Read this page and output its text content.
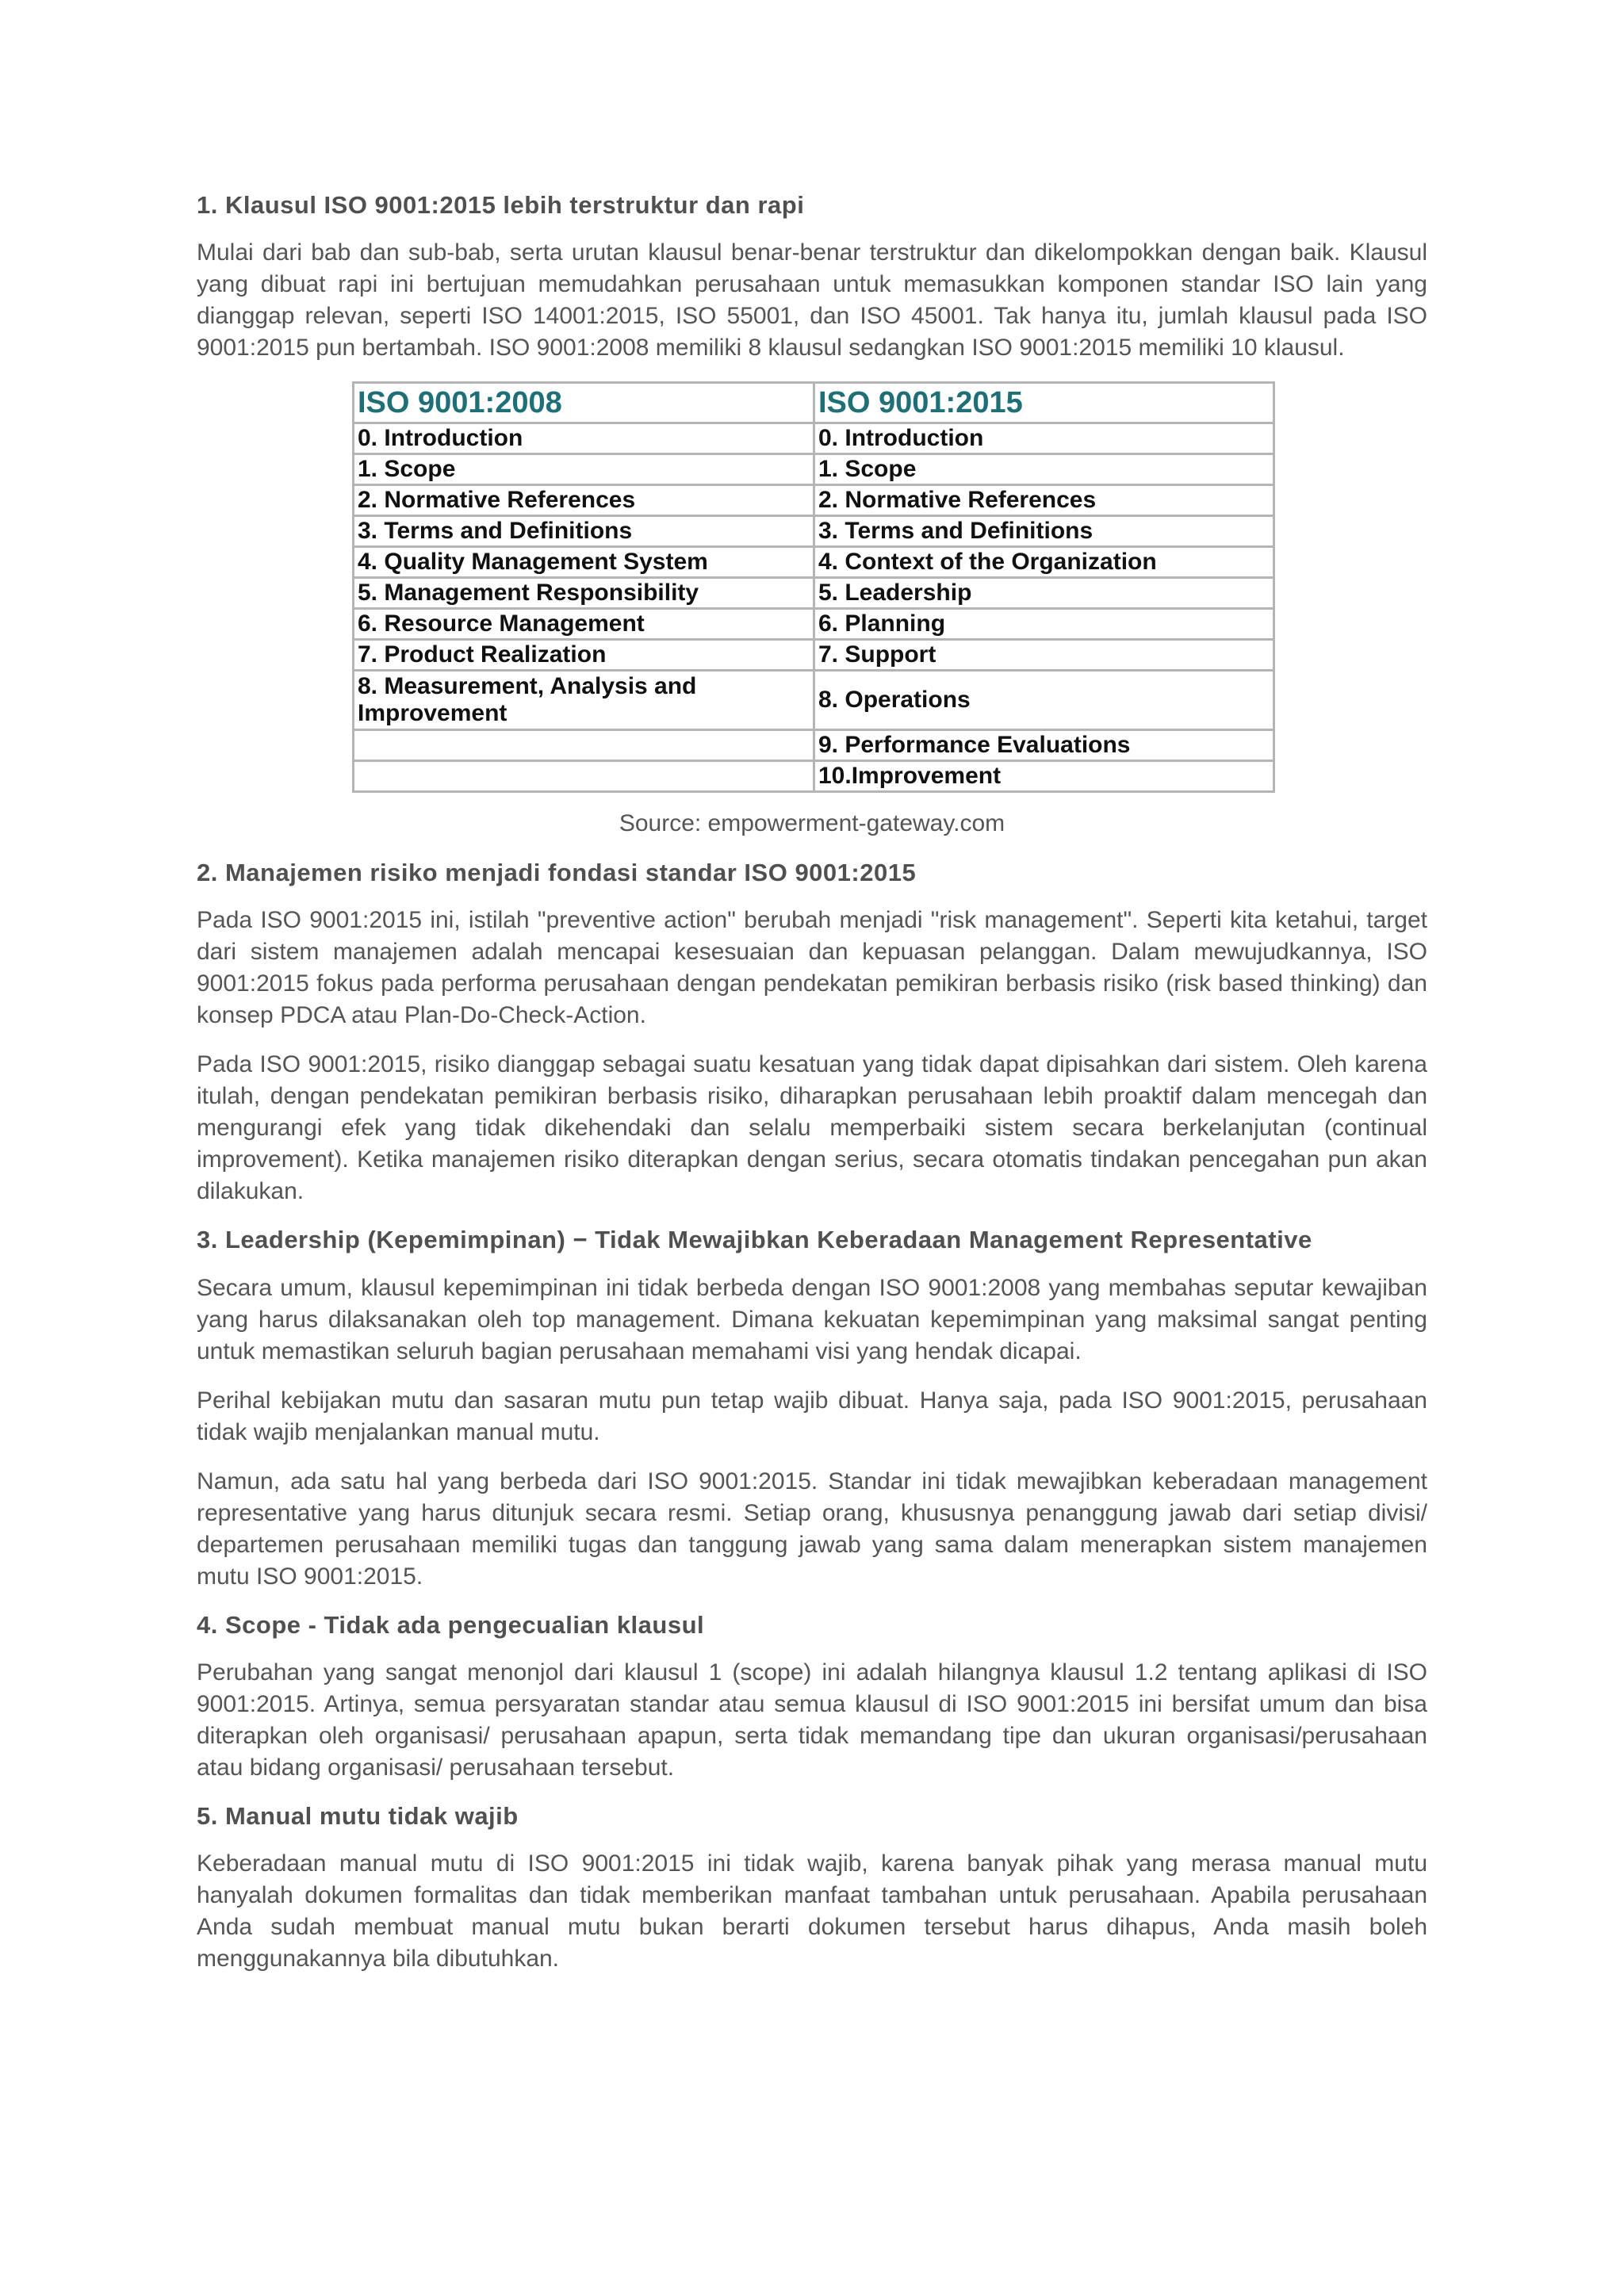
1. Klausul ISO 9001:2015 lebih terstruktur dan rapi

Mulai dari bab dan sub-bab, serta urutan klausul benar-benar terstruktur dan dikelompokkan dengan baik. Klausul yang dibuat rapi ini bertujuan memudahkan perusahaan untuk memasukkan komponen standar ISO lain yang dianggap relevan, seperti ISO 14001:2015, ISO 55001, dan ISO 45001. Tak hanya itu, jumlah klausul pada ISO 9001:2015 pun bertambah. ISO 9001:2008 memiliki 8 klausul sedangkan ISO 9001:2015 memiliki 10 klausul.

ISO 9001:2008	ISO 9001:2015
0. Introduction	0. Introduction
1. Scope	1. Scope
2. Normative References	2. Normative References
3. Terms and Definitions	3. Terms and Definitions
4. Quality Management System	4. Context of the Organization
5. Management Responsibility	5. Leadership
6. Resource Management	6. Planning
7. Product Realization	7. Support
8. Measurement, Analysis and Improvement	8. Operations
	9. Performance Evaluations
	10.Improvement
Source: empowerment-gateway.com
2. Manajemen risiko menjadi fondasi standar ISO 9001:2015

Pada ISO 9001:2015 ini, istilah "preventive action" berubah menjadi "risk management". Seperti kita ketahui, target dari sistem manajemen adalah mencapai kesesuaian dan kepuasan pelanggan. Dalam mewujudkannya, ISO 9001:2015 fokus pada performa perusahaan dengan pendekatan pemikiran berbasis risiko (risk based thinking) dan konsep PDCA atau Plan-Do-Check-Action.

Pada ISO 9001:2015, risiko dianggap sebagai suatu kesatuan yang tidak dapat dipisahkan dari sistem. Oleh karena itulah, dengan pendekatan pemikiran berbasis risiko, diharapkan perusahaan lebih proaktif dalam mencegah dan mengurangi efek yang tidak dikehendaki dan selalu memperbaiki sistem secara berkelanjutan (continual improvement). Ketika manajemen risiko diterapkan dengan serius, secara otomatis tindakan pencegahan pun akan dilakukan.

3. Leadership (Kepemimpinan) − Tidak Mewajibkan Keberadaan Management Representative

Secara umum, klausul kepemimpinan ini tidak berbeda dengan ISO 9001:2008 yang membahas seputar kewajiban yang harus dilaksanakan oleh top management. Dimana kekuatan kepemimpinan yang maksimal sangat penting untuk memastikan seluruh bagian perusahaan memahami visi yang hendak dicapai.

Perihal kebijakan mutu dan sasaran mutu pun tetap wajib dibuat. Hanya saja, pada ISO 9001:2015, perusahaan tidak wajib menjalankan manual mutu.

Namun, ada satu hal yang berbeda dari ISO 9001:2015. Standar ini tidak mewajibkan keberadaan management representative yang harus ditunjuk secara resmi. Setiap orang, khususnya penanggung jawab dari setiap divisi/ departemen perusahaan memiliki tugas dan tanggung jawab yang sama dalam menerapkan sistem manajemen mutu ISO 9001:2015.

4. Scope - Tidak ada pengecualian klausul

Perubahan yang sangat menonjol dari klausul 1 (scope) ini adalah hilangnya klausul 1.2 tentang aplikasi di ISO 9001:2015. Artinya, semua persyaratan standar atau semua klausul di ISO 9001:2015 ini bersifat umum dan bisa diterapkan oleh organisasi/ perusahaan apapun, serta tidak memandang tipe dan ukuran organisasi/perusahaan atau bidang organisasi/ perusahaan tersebut.

5. Manual mutu tidak wajib

Keberadaan manual mutu di ISO 9001:2015 ini tidak wajib, karena banyak pihak yang merasa manual mutu hanyalah dokumen formalitas dan tidak memberikan manfaat tambahan untuk perusahaan. Apabila perusahaan Anda sudah membuat manual mutu bukan berarti dokumen tersebut harus dihapus, Anda masih boleh menggunakannya bila dibutuhkan.
